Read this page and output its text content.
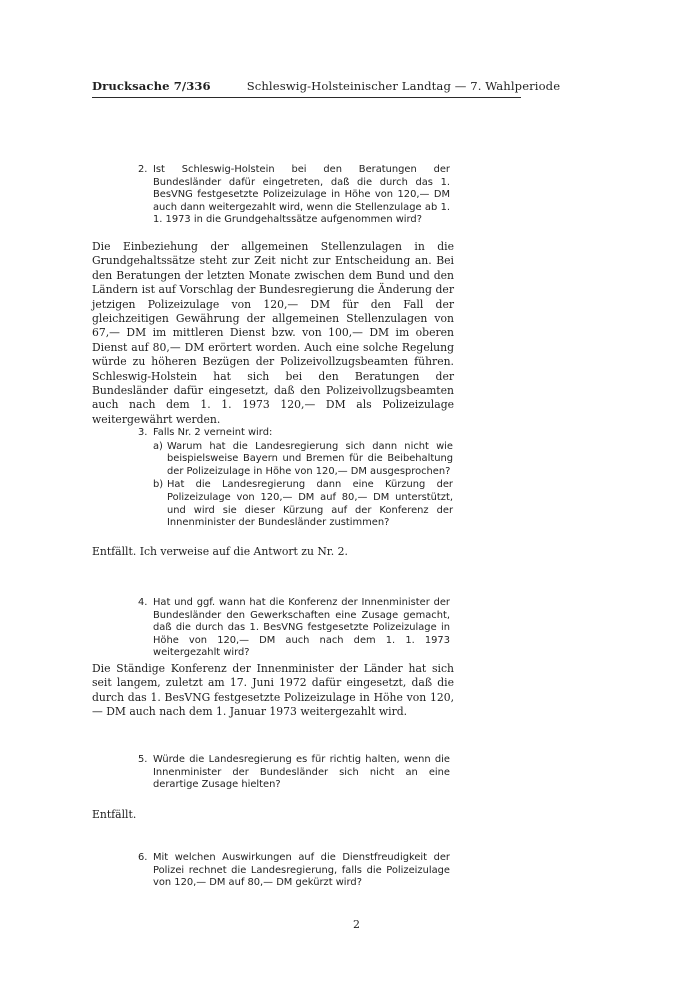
Drucksache 7/336	Schleswig-Holsteinischer Landtag — 7. Wahlperiode
2. Ist Schleswig-Holstein bei den Beratungen der Bundesländer dafür eingetreten, daß die durch das 1. BesVNG festgesetzte Polizeizulage in Höhe von 120,— DM auch dann weitergezahlt wird, wenn die Stellenzulage ab 1. 1. 1973 in die Grundgehaltssätze aufgenommen wird?
Die Einbeziehung der allgemeinen Stellenzulagen in die Grundgehaltssätze steht zur Zeit nicht zur Entscheidung an. Bei den Beratungen der letzten Monate zwischen dem Bund und den Ländern ist auf Vorschlag der Bundesregierung die Änderung der jetzigen Polizeizulage von 120,— DM für den Fall der gleichzeitigen Gewährung der allgemeinen Stellenzulagen von 67,— DM im mittleren Dienst bzw. von 100,— DM im oberen Dienst auf 80,— DM erörtert worden. Auch eine solche Regelung würde zu höheren Bezügen der Polizeivollzugsbeamten führen. Schleswig-Holstein hat sich bei den Beratungen der Bundesländer dafür eingesetzt, daß den Polizeivollzugsbeamten auch nach dem 1. 1. 1973 120,— DM als Polizeizulage weitergewährt werden.
3. Falls Nr. 2 verneint wird:
a) Warum hat die Landesregierung sich dann nicht wie beispielsweise Bayern und Bremen für die Beibehaltung der Polizeizulage in Höhe von 120,— DM ausgesprochen?
b) Hat die Landesregierung dann eine Kürzung der Polizeizulage von 120,— DM auf 80,— DM unterstützt, und wird sie dieser Kürzung auf der Konferenz der Innenminister der Bundesländer zustimmen?
Entfällt. Ich verweise auf die Antwort zu Nr. 2.
4. Hat und ggf. wann hat die Konferenz der Innenminister der Bundesländer den Gewerkschaften eine Zusage gemacht, daß die durch das 1. BesVNG festgesetzte Polizeizulage in Höhe von 120,— DM auch nach dem 1. 1. 1973 weitergezahlt wird?
Die Ständige Konferenz der Innenminister der Länder hat sich seit langem, zuletzt am 17. Juni 1972 dafür eingesetzt, daß die durch das 1. BesVNG festgesetzte Polizeizulage in Höhe von 120,— DM auch nach dem 1. Januar 1973 weitergezahlt wird.
5. Würde die Landesregierung es für richtig halten, wenn die Innenminister der Bundesländer sich nicht an eine derartige Zusage hielten?
Entfällt.
6. Mit welchen Auswirkungen auf die Dienstfreudigkeit der Polizei rechnet die Landesregierung, falls die Polizeizulage von 120,— DM auf 80,— DM gekürzt wird?
2
